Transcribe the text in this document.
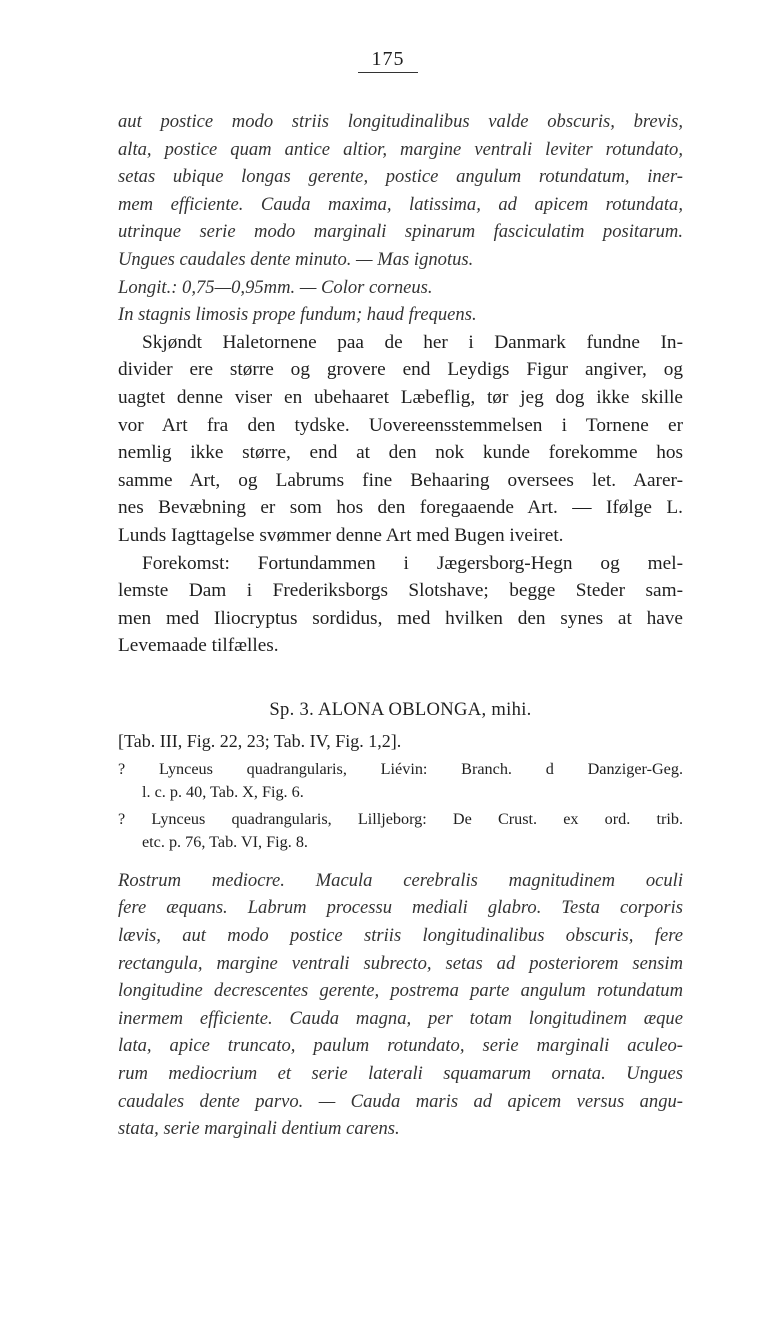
175
aut postice modo striis longitudinalibus valde obscuris, brevis,
alta, postice quam antice altior, margine ventrali leviter rotundato,
setas ubique longas gerente, postice angulum rotundatum, iner-
mem efficiente. Cauda maxima, latissima, ad apicem rotundata,
utrinque serie modo marginali spinarum fasciculatim positarum.
Ungues caudales dente minuto. — Mas ignotus.
Longit.: 0,75—0,95mm. — Color corneus.
In stagnis limosis prope fundum; haud frequens.
Skjøndt Haletornene paa de her i Danmark fundne In-
divider ere større og grovere end Leydigs Figur angiver, og
uagtet denne viser en ubehaaret Læbeflig, tør jeg dog ikke skille
vor Art fra den tydske. Uovereensstemmelsen i Tornene er
nemlig ikke større, end at den nok kunde forekomme hos
samme Art, og Labrums fine Behaaring oversees let. Aarer-
nes Bevæbning er som hos den foregaaende Art. — Ifølge L.
Lunds Iagttagelse svømmer denne Art med Bugen iveiret.
Forekomst: Fortundammen i Jægersborg-Hegn og mel-
lemste Dam i Frederiksborgs Slotshave; begge Steder sam-
men med Iliocryptus sordidus, med hvilken den synes at have
Levemaade tilfælles.
Sp. 3. ALONA OBLONGA, mihi.
[Tab. III, Fig. 22, 23; Tab. IV, Fig. 1,2].
? Lynceus quadrangularis, Liévin: Branch. d Danziger-Geg.
l. c. p. 40, Tab. X, Fig. 6.
? Lynceus quadrangularis, Lilljeborg: De Crust. ex ord. trib.
etc. p. 76, Tab. VI, Fig. 8.
Rostrum mediocre. Macula cerebralis magnitudinem oculi
fere æquans. Labrum processu mediali glabro. Testa corporis
lævis, aut modo postice striis longitudinalibus obscuris, fere
rectangula, margine ventrali subrecto, setas ad posteriorem sensim
longitudine decrescentes gerente, postrema parte angulum rotundatum
inermem efficiente. Cauda magna, per totam longitudinem æque
lata, apice truncato, paulum rotundato, serie marginali aculeo-
rum mediocrium et serie laterali squamarum ornata. Ungues
caudales dente parvo. — Cauda maris ad apicem versus angu-
stata, serie marginali dentium carens.
